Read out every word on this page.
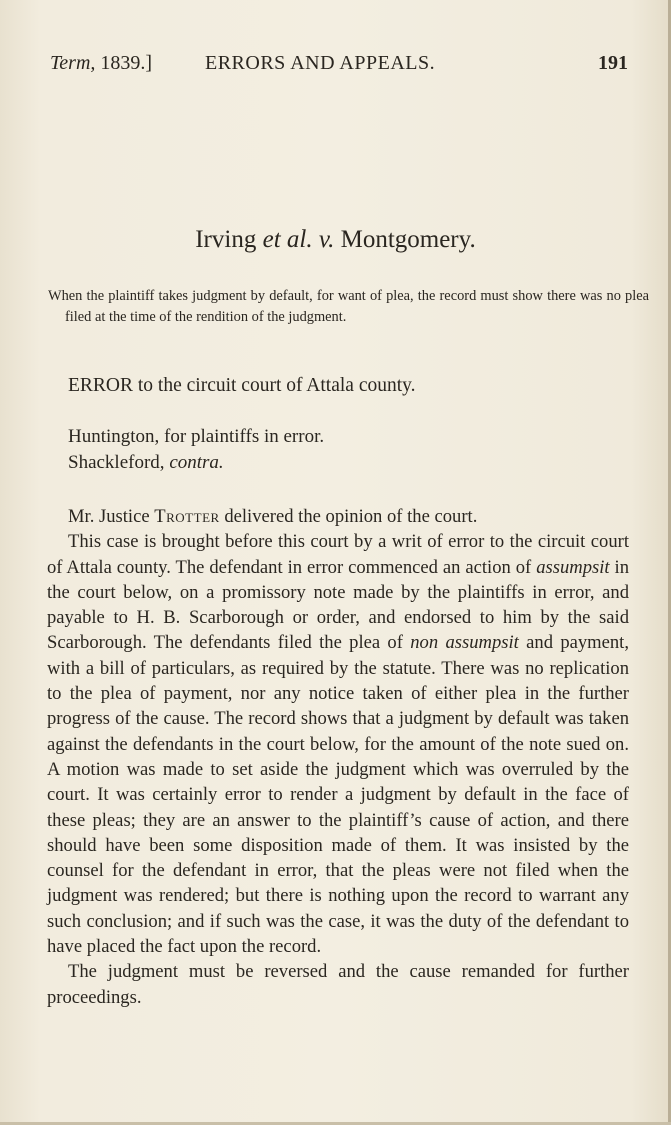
Term, 1839.]	ERRORS AND APPEALS.	191
Irving et al. v. Montgomery.
When the plaintiff takes judgment by default, for want of plea, the record must show there was no plea filed at the time of the rendition of the judgment.
ERROR to the circuit court of Attala county.
Huntington, for plaintiffs in error.
Shackleford, contra.

Mr. Justice Trotter delivered the opinion of the court.

This case is brought before this court by a writ of error to the circuit court of Attala county. The defendant in error commenced an action of assumpsit in the court below, on a promissory note made by the plaintiffs in error, and payable to H. B. Scarborough or order, and endorsed to him by the said Scarborough. The defendants filed the plea of non assumpsit and payment, with a bill of particulars, as required by the statute. There was no replication to the plea of payment, nor any notice taken of either plea in the further progress of the cause. The record shows that a judgment by default was taken against the defendants in the court below, for the amount of the note sued on. A motion was made to set aside the judgment which was overruled by the court. It was certainly error to render a judgment by default in the face of these pleas; they are an answer to the plaintiff’s cause of action, and there should have been some disposition made of them. It was insisted by the counsel for the defendant in error, that the pleas were not filed when the judgment was rendered; but there is nothing upon the record to warrant any such conclusion; and if such was the case, it was the duty of the defendant to have placed the fact upon the record.

The judgment must be reversed and the cause remanded for further proceedings.
